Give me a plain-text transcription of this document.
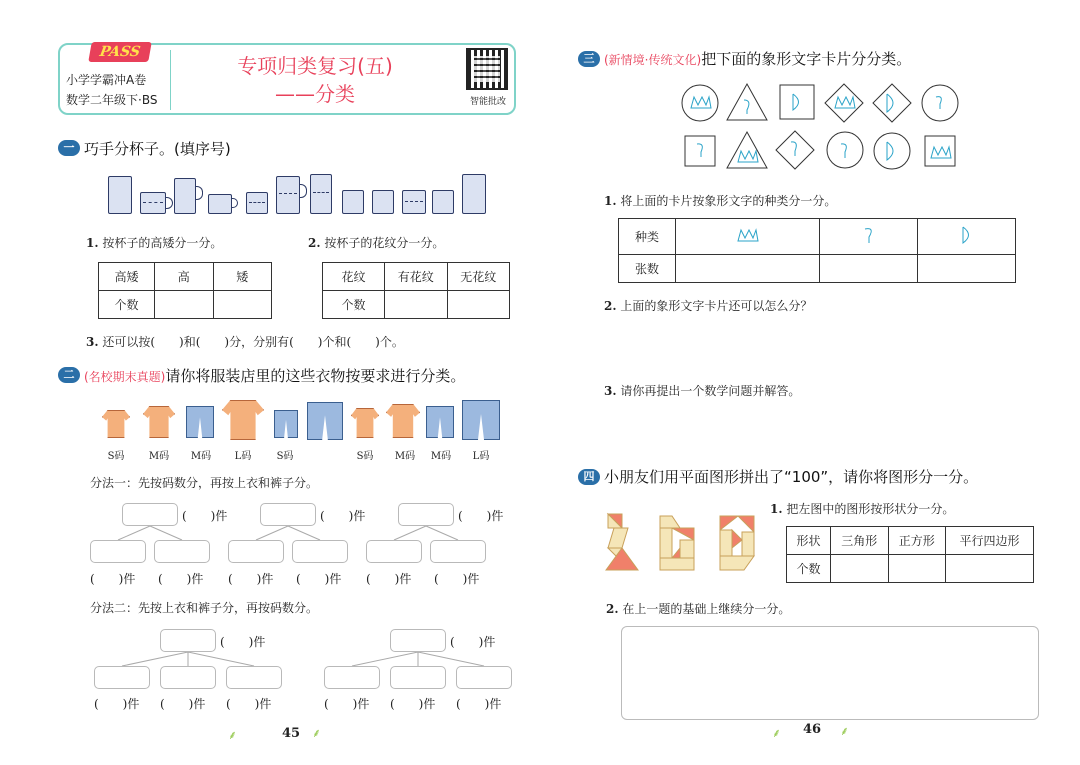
PASS
小学学霸冲A卷
数学二年级下·BS
专项归类复习(五)
——分类	智能批改
一 巧手分杯子。(填序号)
1. 按杯子的高矮分一分。	2. 按杯子的花纹分一分。
高矮	高	矮
个数		
花纹	有花纹	无花纹
个数		
3. 还可以按(　　)和(　　)分，分别有(　　)个和(　　)个。
二 (名校期末真题)请你将服装店里的这些衣物按要求进行分类。
S码	M码	M码	L码	S码	S码	M码	M码	L码
分法一：先按码数分，再按上衣和裤子分。
(　　)件	(　　)件	(　　)件
(　　)件 (　　)件 (　　)件 (　　)件 (　　)件 (　　)件
分法二：先按上衣和裤子分，再按码数分。
(　　)件	(　　)件
(　　)件 (　　)件 (　　)件	(　　)件 (　　)件 (　　)件
⸙	45 ⸙
三 (新情境·传统文化)把下面的象形文字卡片分分类。
1. 将上面的卡片按象形文字的种类分一分。
种类			
张数			
2. 上面的象形文字卡片还可以怎么分？
3. 请你再提出一个数学问题并解答。
四 小朋友们用平面图形拼出了“100”，请你将图形分一分。
1. 把左图中的图形按形状分一分。
形状	三角形	正方形	平行四边形
个数			
2. 在上一题的基础上继续分一分。
⸙ 46 ⸙
